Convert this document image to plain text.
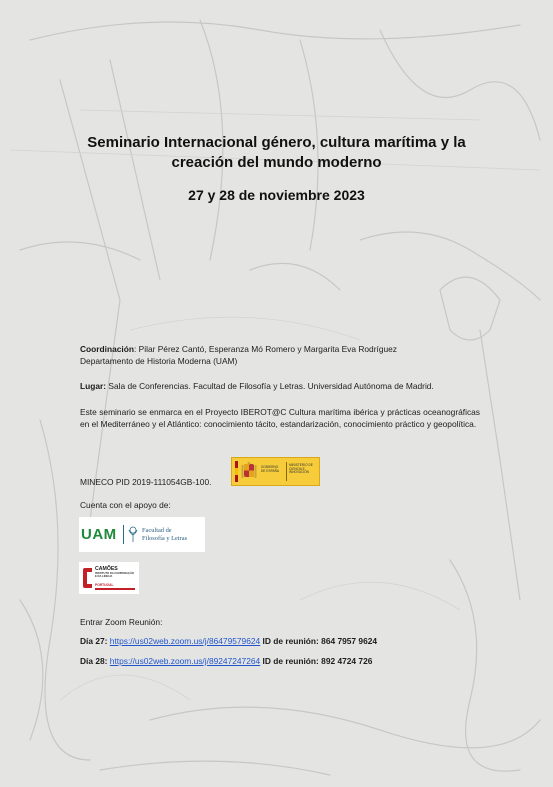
Seminario Internacional género, cultura marítima y la creación del mundo moderno
27 y 28 de noviembre 2023
Coordinación: Pilar Pérez Cantó, Esperanza Mó Romero y Margarita Eva Rodríguez
Departamento de Historia Moderna (UAM)
Lugar: Sala de Conferencias. Facultad de Filosofía y Letras. Universidad Autónoma de Madrid.
Este seminario se enmarca en el Proyecto IBEROT@C Cultura marítima ibérica y prácticas oceanográficas en el Mediterráneo y el Atlántico: conocimiento tácito, estandarización, conocimiento práctico y geopolítica.
MINECO PID 2019-111054GB-100.
GOBIERNO DE ESPAÑA
MINISTERIO DE CIENCIA E INNOVACIÓN
Cuenta con el apoyo de:
UAM	Facultad de
Filosofía y Letras
CAMÕES
INSTITUTO DA COOPERAÇÃO E DA LÍNGUA
PORTUGAL
Entrar Zoom Reunión:
Día 27: https://us02web.zoom.us/j/86479579624 ID de reunión: 864 7957 9624
Día 28: https://us02web.zoom.us/j/89247247264 ID de reunión: 892 4724 726
